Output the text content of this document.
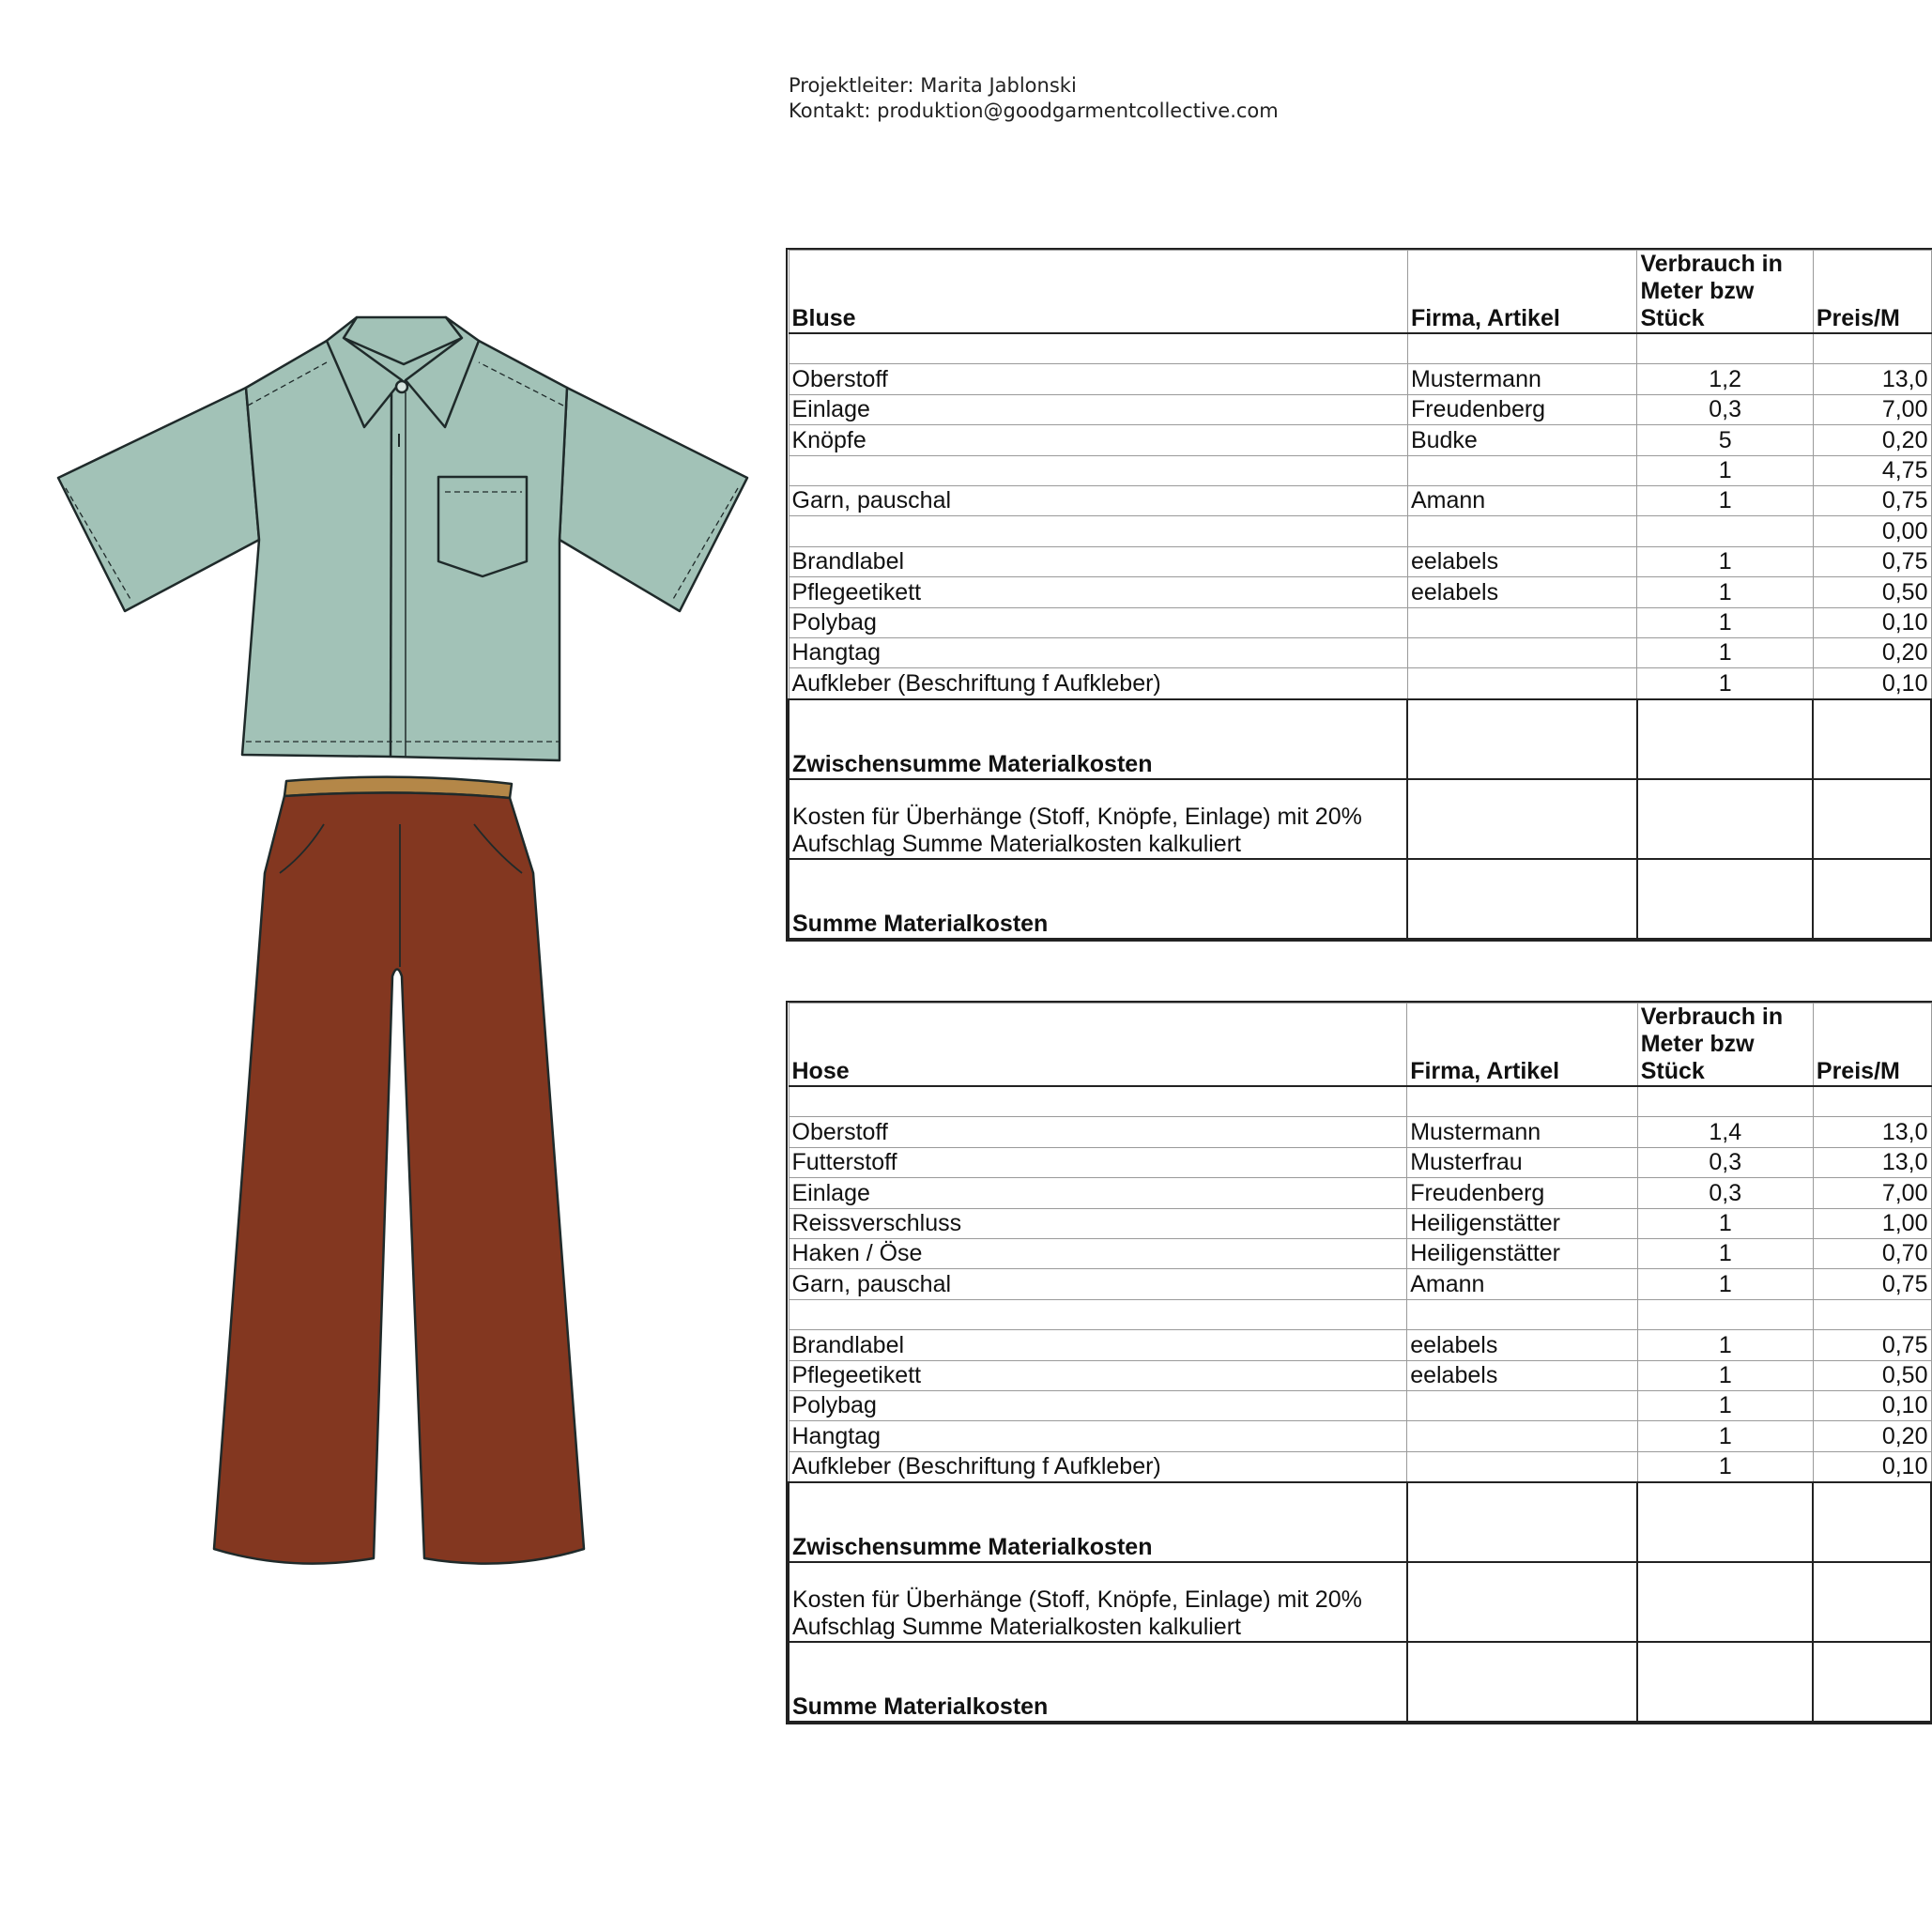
Projektleiter: Marita Jablonski
Kontakt: produktion@goodgarmentcollective.com
Bluse	Firma, Artikel	Verbrauch in Meter bzw Stück	Preis/M

Oberstoff	Mustermann	1,2	13,0
Einlage	Freudenberg	0,3	7,00
Knöpfe	Budke	5	0,20
		1	4,75
Garn, pauschal	Amann	1	0,75
			0,00
Brandlabel	eelabels	1	0,75
Pflegeetikett	eelabels	1	0,50
Polybag		1	0,10
Hangtag		1	0,20
Aufkleber (Beschriftung f Aufkleber)		1	0,10
Zwischensumme Materialkosten			
Kosten für Überhänge (Stoff, Knöpfe, Einlage) mit 20% Aufschlag Summe Materialkosten kalkuliert			
Summe Materialkosten			
Hose	Firma, Artikel	Verbrauch in Meter bzw Stück	Preis/M

Oberstoff	Mustermann	1,4	13,0
Futterstoff	Musterfrau	0,3	13,0
Einlage	Freudenberg	0,3	7,00
Reissverschluss	Heiligenstätter	1	1,00
Haken / Öse	Heiligenstätter	1	0,70
Garn, pauschal	Amann	1	0,75

Brandlabel	eelabels	1	0,75
Pflegeetikett	eelabels	1	0,50
Polybag		1	0,10
Hangtag		1	0,20
Aufkleber (Beschriftung f Aufkleber)		1	0,10
Zwischensumme Materialkosten			
Kosten für Überhänge (Stoff, Knöpfe, Einlage) mit 20% Aufschlag Summe Materialkosten kalkuliert			
Summe Materialkosten			
